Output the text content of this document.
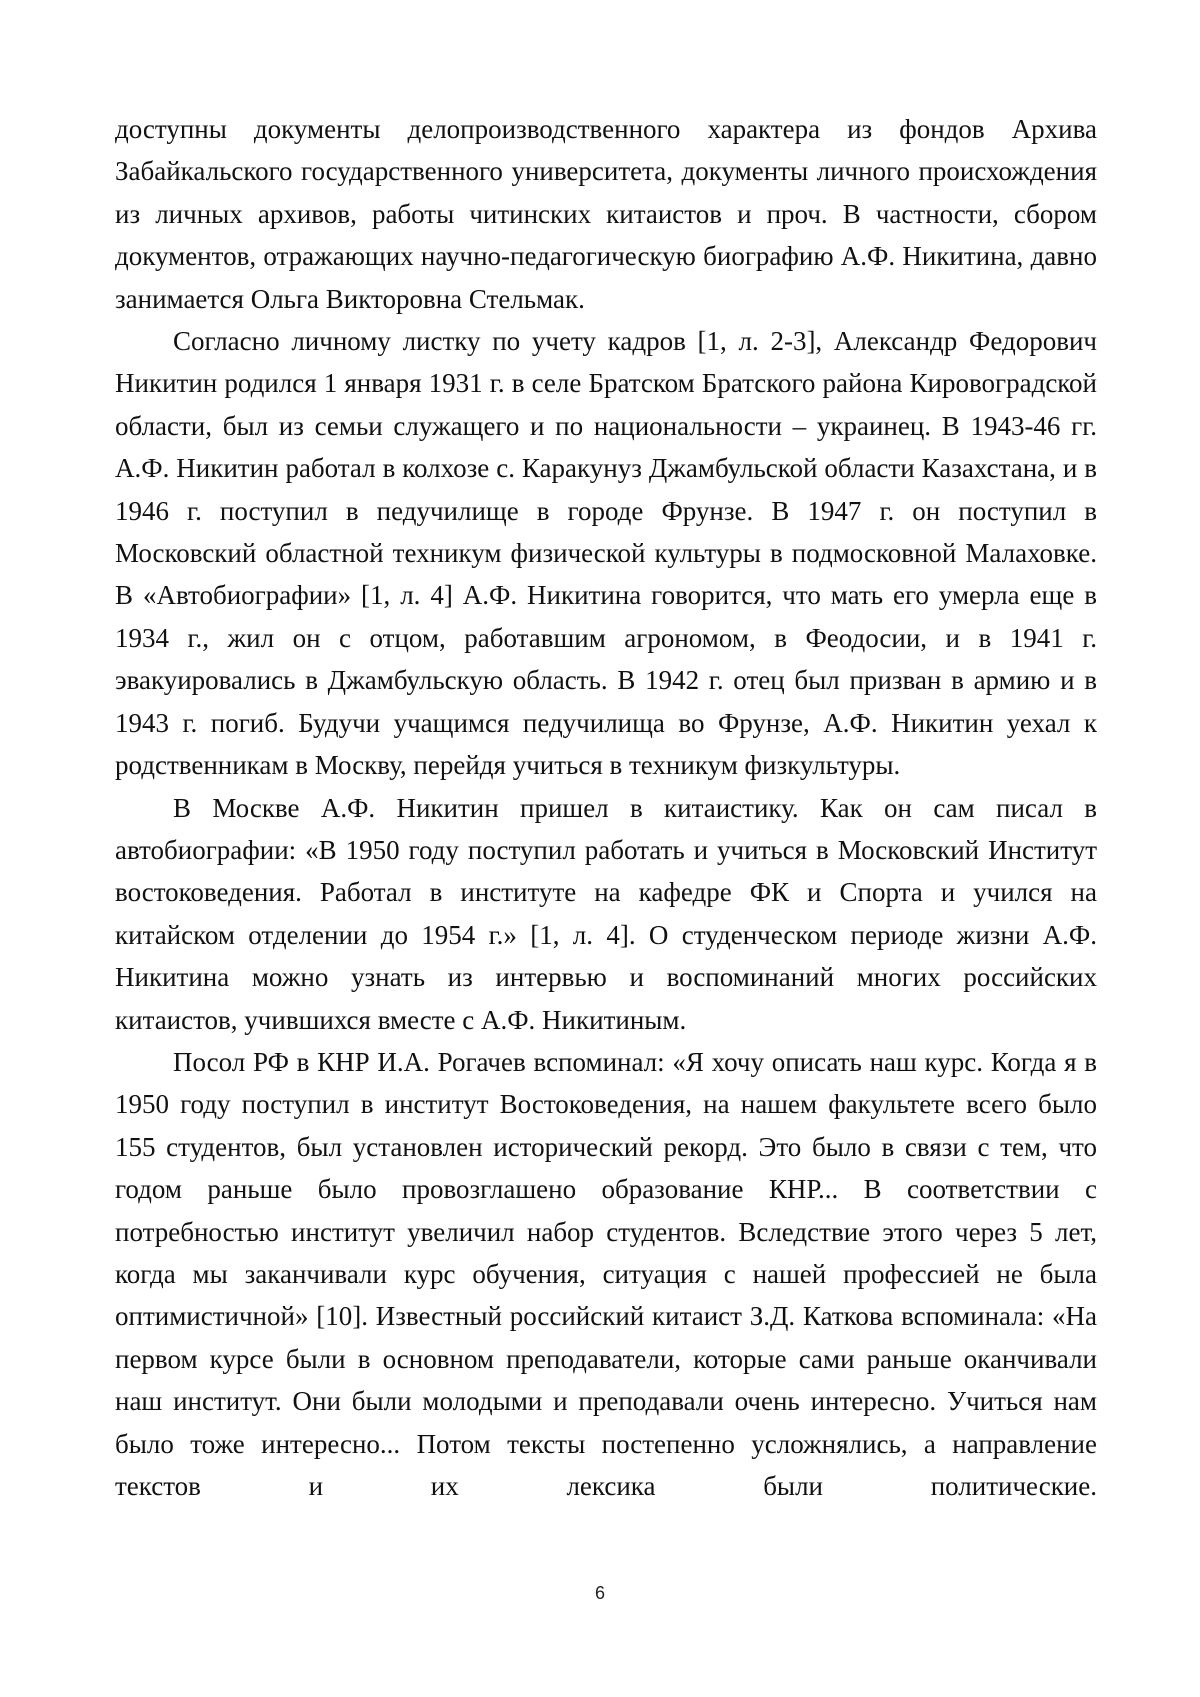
доступны документы делопроизводственного характера из фондов Архива Забайкальского государственного университета, документы личного происхождения из личных архивов, работы читинских китаистов и проч. В частности, сбором документов, отражающих научно-педагогическую биографию А.Ф. Никитина, давно занимается Ольга Викторовна Стельмак.

Согласно личному листку по учету кадров [1, л. 2-3], Александр Федорович Никитин родился 1 января 1931 г. в селе Братском Братского района Кировоградской области, был из семьи служащего и по национальности – украинец. В 1943-46 гг. А.Ф. Никитин работал в колхозе с. Каракунуз Джамбульской области Казахстана, и в 1946 г. поступил в педучилище в городе Фрунзе. В 1947 г. он поступил в Московский областной техникум физической культуры в подмосковной Малаховке. В «Автобиографии» [1, л. 4] А.Ф. Никитина говорится, что мать его умерла еще в 1934 г., жил он с отцом, работавшим агрономом, в Феодосии, и в 1941 г. эвакуировались в Джамбульскую область. В 1942 г. отец был призван в армию и в 1943 г. погиб. Будучи учащимся педучилища во Фрунзе, А.Ф. Никитин уехал к родственникам в Москву, перейдя учиться в техникум физкультуры.

В Москве А.Ф. Никитин пришел в китаистику. Как он сам писал в автобиографии: «В 1950 году поступил работать и учиться в Московский Институт востоковедения. Работал в институте на кафедре ФК и Спорта и учился на китайском отделении до 1954 г.» [1, л. 4]. О студенческом периоде жизни А.Ф. Никитина можно узнать из интервью и воспоминаний многих российских китаистов, учившихся вместе с А.Ф. Никитиным.

Посол РФ в КНР И.А. Рогачев вспоминал: «Я хочу описать наш курс. Когда я в 1950 году поступил в институт Востоковедения, на нашем факультете всего было 155 студентов, был установлен исторический рекорд. Это было в связи с тем, что годом раньше было провозглашено образование КНР... В соответствии с потребностью институт увеличил набор студентов. Вследствие этого через 5 лет, когда мы заканчивали курс обучения, ситуация с нашей профессией не была оптимистичной» [10]. Известный российский китаист З.Д. Каткова вспоминала: «На первом курсе были в основном преподаватели, которые сами раньше оканчивали наш институт. Они были молодыми и преподавали очень интересно. Учиться нам было тоже интересно... Потом тексты постепенно усложнялись, а направление текстов и их лексика были политические.

6
